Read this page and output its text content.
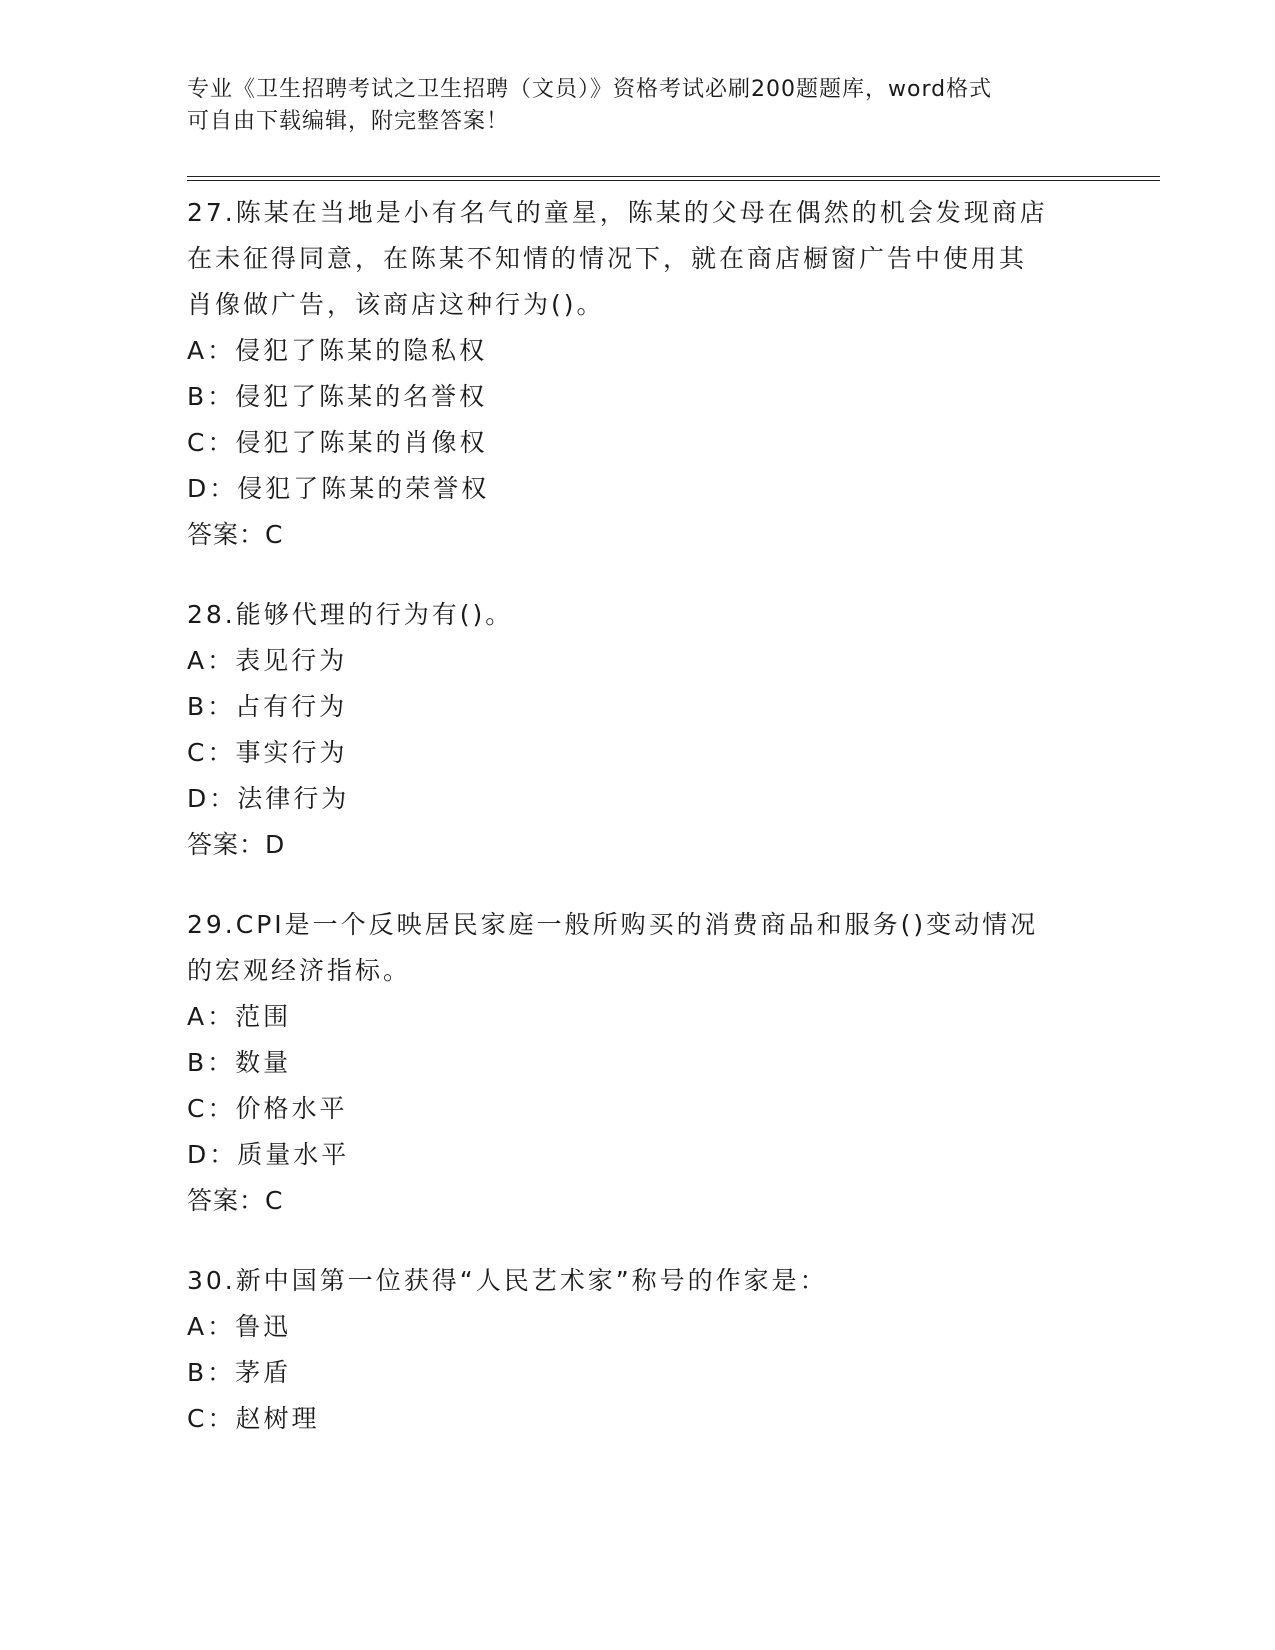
专业《卫生招聘考试之卫生招聘（文员）》资格考试必刷200题题库，word格式
可自由下载编辑，附完整答案！
27.陈某在当地是小有名气的童星，陈某的父母在偶然的机会发现商店
在未征得同意，在陈某不知情的情况下，就在商店橱窗广告中使用其
肖像做广告，该商店这种行为()。
A：侵犯了陈某的隐私权
B：侵犯了陈某的名誉权
C：侵犯了陈某的肖像权
D：侵犯了陈某的荣誉权
答案：C
28.能够代理的行为有()。
A：表见行为
B：占有行为
C：事实行为
D：法律行为
答案：D
29.CPI是一个反映居民家庭一般所购买的消费商品和服务()变动情况
的宏观经济指标。
A：范围
B：数量
C：价格水平
D：质量水平
答案：C
30.新中国第一位获得“人民艺术家”称号的作家是：
A：鲁迅
B：茅盾
C：赵树理
